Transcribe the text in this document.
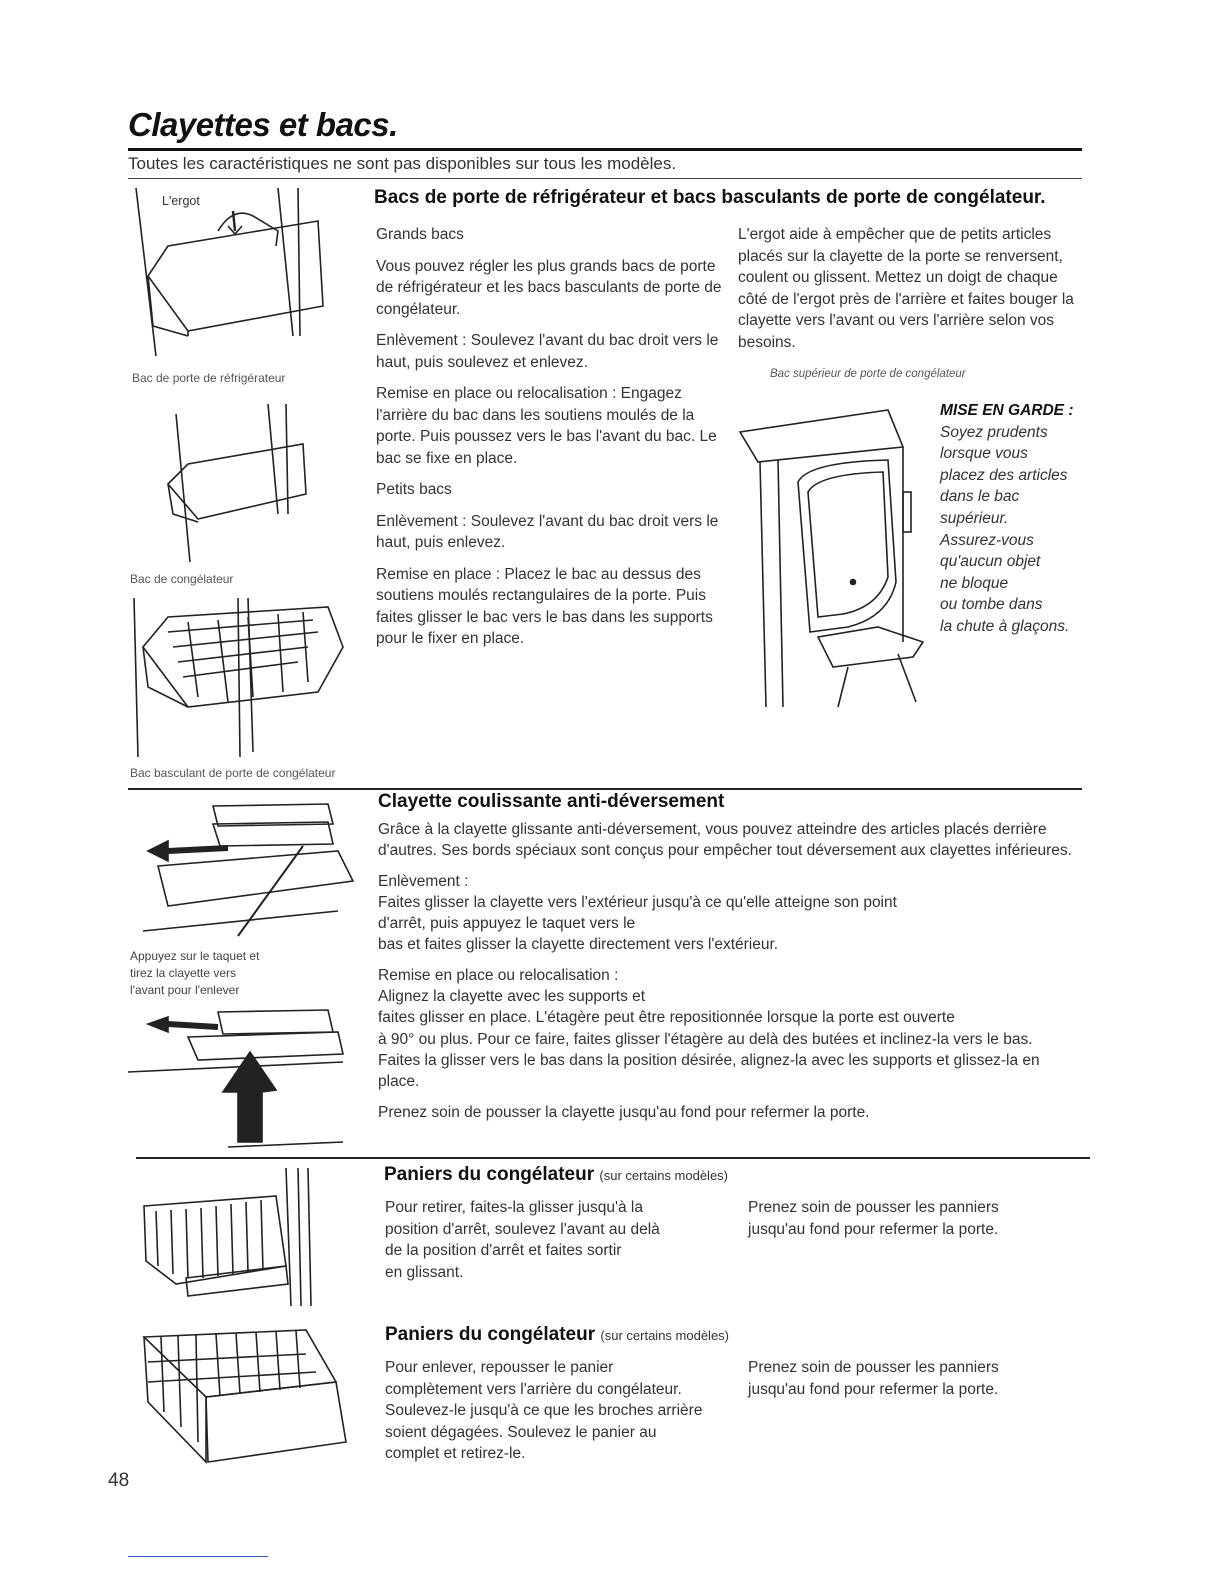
Clayettes et bacs.
Toutes les caractéristiques ne sont pas disponibles sur tous les modèles.
L'ergot
Bac de porte de réfrigérateur
Bac de congélateur
Bac basculant de porte de congélateur
Bacs de porte de réfrigérateur et bacs basculants de porte de congélateur.

Grands bacs

Vous pouvez régler les plus grands bacs de porte de réfrigérateur et les bacs basculants de porte de congélateur.

Enlèvement : Soulevez l'avant du bac droit vers le haut, puis soulevez et enlevez.

Remise en place ou relocalisation : Engagez l'arrière du bac dans les soutiens moulés de la porte. Puis poussez vers le bas l'avant du bac. Le bac se fixe en place.

Petits bacs

Enlèvement : Soulevez l'avant du bac droit vers le haut, puis enlevez.

Remise en place : Placez le bac au dessus des soutiens moulés rectangulaires de la porte. Puis faites glisser le bac vers le bas dans les supports pour le fixer en place.

L'ergot aide à empêcher que de petits articles placés sur la clayette de la porte se renversent, coulent ou glissent. Mettez un doigt de chaque côté de l'ergot près de l'arrière et faites bouger la clayette vers l'avant ou vers l'arrière selon vos besoins.

Bac supérieur de porte de congélateur
MISE EN GARDE :
Soyez prudents
lorsque vous
placez des articles
dans le bac
supérieur.
Assurez-vous
qu'aucun objet
ne bloque
ou tombe dans
la chute à glaçons.
Appuyez sur le taquet et
tirez la clayette vers
l'avant pour l'enlever
Clayette coulissante anti-déversement

Grâce à la clayette glissante anti-déversement, vous pouvez atteindre des articles placés derrière d'autres. Ses bords spéciaux sont conçus pour empêcher tout déversement aux clayettes inférieures.

Enlèvement :
Faites glisser la clayette vers l'extérieur jusqu'à ce qu'elle atteigne son point
d'arrêt, puis appuyez le taquet vers le
bas et faites glisser la clayette directement vers l'extérieur.
Remise en place ou relocalisation :
Alignez la clayette avec les supports et
faites glisser en place. L'étagère peut être repositionnée lorsque la porte est ouverte
à 90° ou plus. Pour ce faire, faites glisser l'étagère au delà des butées et inclinez-la vers le bas.
Faites la glisser vers le bas dans la position désirée, alignez-la avec les supports et glissez-la en
place.
Prenez soin de pousser la clayette jusqu'au fond pour refermer la porte.
Paniers du congélateur (sur certains modèles)
Pour retirer, faites-la glisser jusqu'à la
position d'arrêt, soulevez l'avant au delà
de la position d'arrêt et faites sortir
en glissant.
Prenez soin de pousser les panniers
jusqu'au fond pour refermer la porte.
Paniers du congélateur (sur certains modèles)
Pour enlever, repousser le panier
complètement vers l'arrière du congélateur.
Soulevez-le jusqu'à ce que les broches arrière
soient dégagées. Soulevez le panier au
complet et retirez-le.
Prenez soin de pousser les panniers
jusqu'au fond pour refermer la porte.
48
